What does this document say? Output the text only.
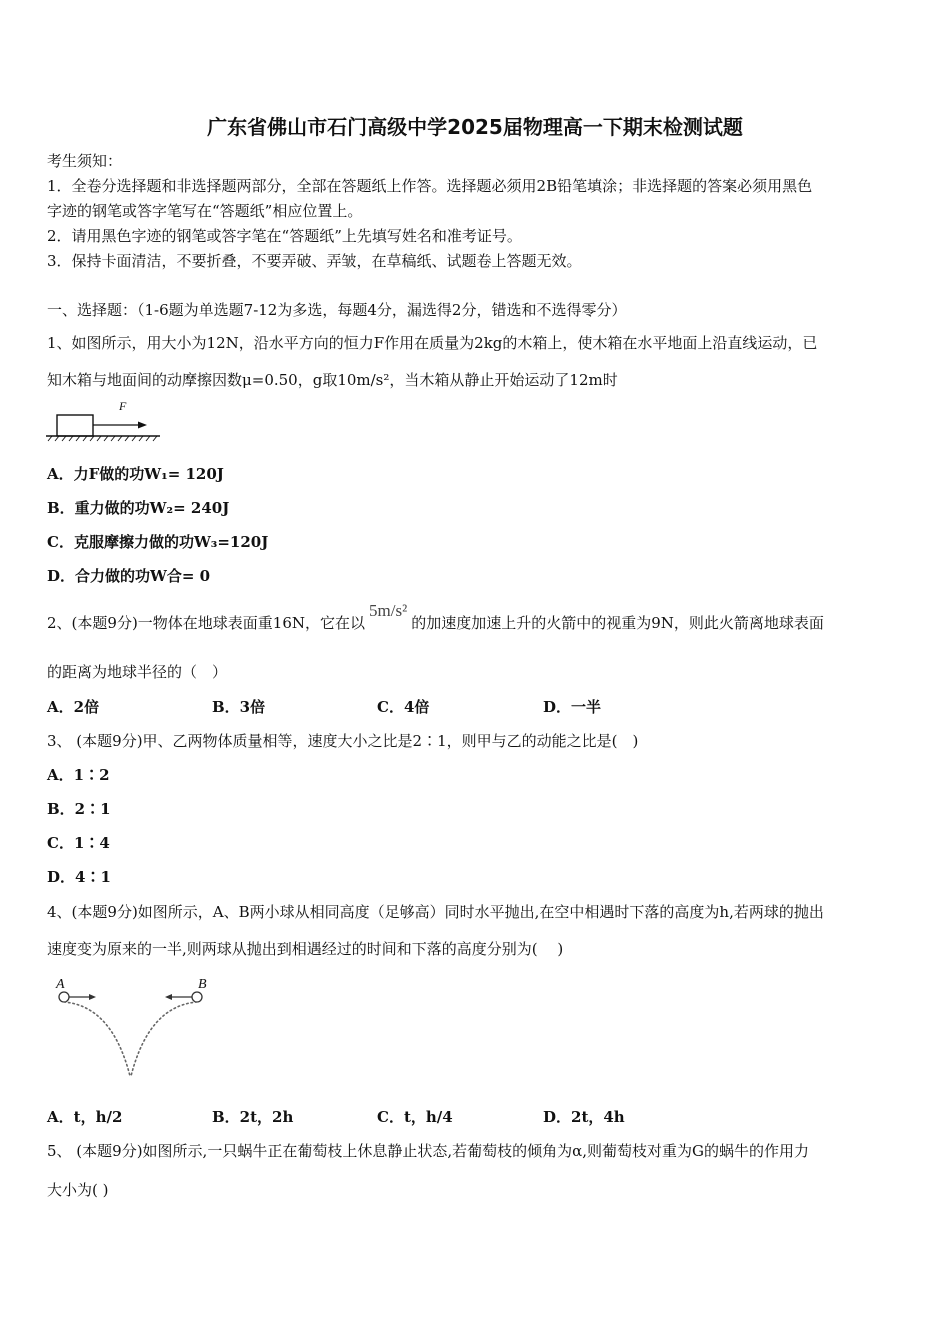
广东省佛山市石门高级中学2025届物理高一下期末检测试题
考生须知：
1．全卷分选择题和非选择题两部分，全部在答题纸上作答。选择题必须用2B铅笔填涂；非选择题的答案必须用黑色
字迹的钢笔或答字笔写在“答题纸”相应位置上。
2．请用黑色字迹的钢笔或答字笔在“答题纸”上先填写姓名和准考证号。
3．保持卡面清洁，不要折叠，不要弄破、弄皱，在草稿纸、试题卷上答题无效。
一、选择题：（1-6题为单选题7-12为多选，每题4分，漏选得2分，错选和不选得零分）
1、如图所示，用大小为12N，沿水平方向的恒力F作用在质量为2kg的木箱上，使木箱在水平地面上沿直线运动，已
知木箱与地面间的动摩擦因数μ=0.50，g取10m/s²，当木箱从静止开始运动了12m时
F
A．力F做的功W₁= 120J
B．重力做的功W₂= 240J
C．克服摩擦力做的功W₃=120J
D．合力做的功W合= 0
2、(本题9分)一物体在地球表面重16N，它在以5m/s²的加速度加速上升的火箭中的视重为9N，则此火箭离地球表面
的距离为地球半径的（　）
A．2倍	B．3倍	C．4倍	D．一半
3、 (本题9分)甲、乙两物体质量相等，速度大小之比是2∶1，则甲与乙的动能之比是(　)
A．1∶2
B．2∶1
C．1∶4
D．4∶1
4、(本题9分)如图所示，A、B两小球从相同高度（足够高）同时水平抛出,在空中相遇时下落的高度为h,若两球的抛出
速度变为原来的一半,则两球从抛出到相遇经过的时间和下落的高度分别为(　 )
A	B
A．t，h/2	B．2t，2h	C．t，h/4	D．2t，4h
5、 (本题9分)如图所示,一只蜗牛正在葡萄枝上休息静止状态,若葡萄枝的倾角为α,则葡萄枝对重为G的蜗牛的作用力
大小为( )
